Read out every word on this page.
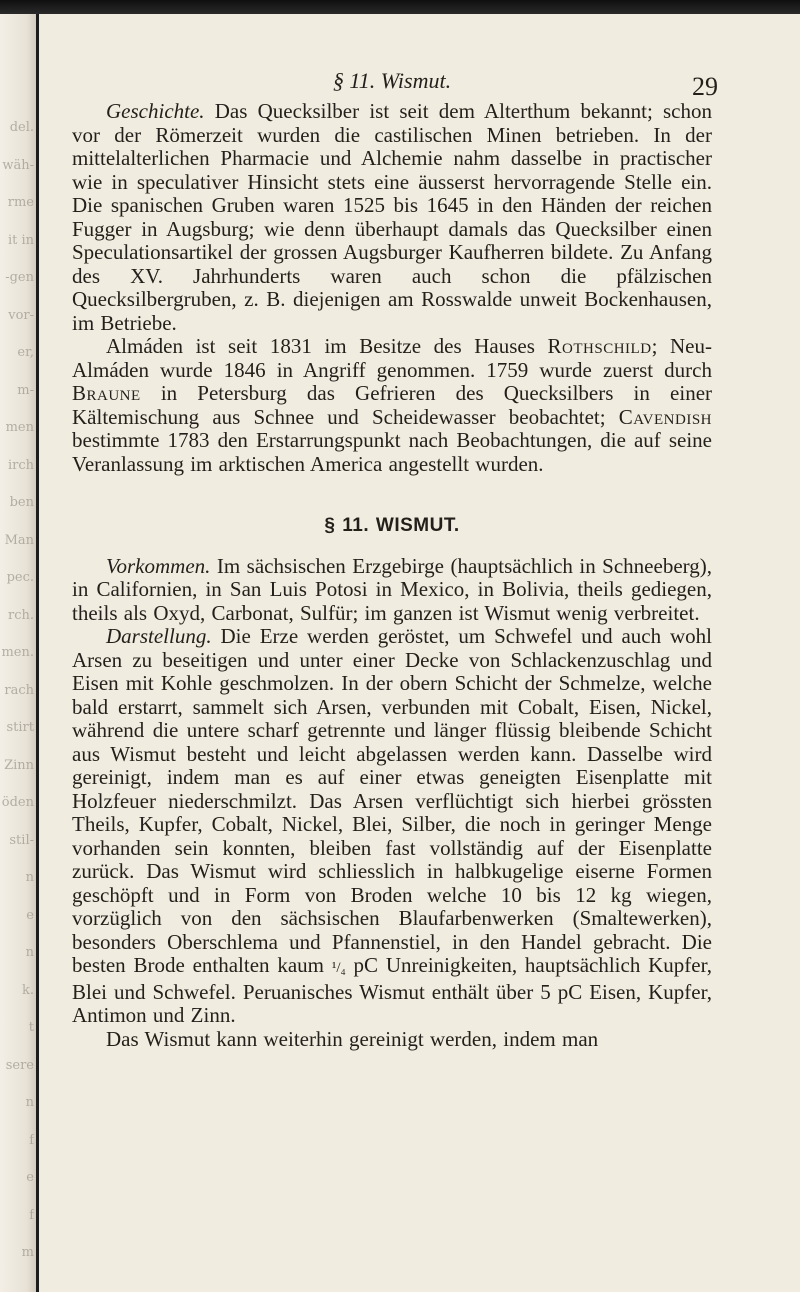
del.
wäh-
rme
it in
-gen
vor-
er,
m-
men
irch
ben
Man
pec.
rch.
men.
rach
stirt
Zinn
öden
stil-
n
e
n
k.
t
sere
n
f
e
f
m
§ 11. Wismut.	29

Geschichte. Das Quecksilber ist seit dem Alterthum bekannt; schon vor der Römerzeit wurden die castilischen Minen betrieben. In der mittelalterlichen Pharmacie und Alchemie nahm dasselbe in practischer wie in speculativer Hinsicht stets eine äusserst hervorragende Stelle ein. Die spanischen Gruben waren 1525 bis 1645 in den Händen der reichen Fugger in Augsburg; wie denn überhaupt damals das Quecksilber einen Speculationsartikel der grossen Augsburger Kaufherren bildete. Zu Anfang des XV. Jahrhunderts waren auch schon die pfälzischen Quecksilbergruben, z. B. diejenigen am Rosswalde unweit Bockenhausen, im Betriebe.

Almáden ist seit 1831 im Besitze des Hauses Rothschild; Neu-Almáden wurde 1846 in Angriff genommen. 1759 wurde zuerst durch Braune in Petersburg das Gefrieren des Quecksilbers in einer Kältemischung aus Schnee und Scheidewasser beobachtet; Cavendish bestimmte 1783 den Erstarrungspunkt nach Beobachtungen, die auf seine Veranlassung im arktischen America angestellt wurden.

§ 11. WISMUT.

Vorkommen. Im sächsischen Erzgebirge (hauptsächlich in Schneeberg), in Californien, in San Luis Potosi in Mexico, in Bolivia, theils gediegen, theils als Oxyd, Carbonat, Sulfür; im ganzen ist Wismut wenig verbreitet.

Darstellung. Die Erze werden geröstet, um Schwefel und auch wohl Arsen zu beseitigen und unter einer Decke von Schlackenzuschlag und Eisen mit Kohle geschmolzen. In der obern Schicht der Schmelze, welche bald erstarrt, sammelt sich Arsen, verbunden mit Cobalt, Eisen, Nickel, während die untere scharf getrennte und länger flüssig bleibende Schicht aus Wismut besteht und leicht abgelassen werden kann. Dasselbe wird gereinigt, indem man es auf einer etwas geneigten Eisenplatte mit Holzfeuer niederschmilzt. Das Arsen verflüchtigt sich hierbei grössten Theils, Kupfer, Cobalt, Nickel, Blei, Silber, die noch in geringer Menge vorhanden sein konnten, bleiben fast vollständig auf der Eisenplatte zurück. Das Wismut wird schliesslich in halbkugelige eiserne Formen geschöpft und in Form von Broden welche 10 bis 12 kg wiegen, vorzüglich von den sächsischen Blaufarbenwerken (Smaltewerken), besonders Oberschlema und Pfannenstiel, in den Handel gebracht. Die besten Brode enthalten kaum ¹/₄ pC Unreinigkeiten, hauptsächlich Kupfer, Blei und Schwefel. Peruanisches Wismut enthält über 5 pC Eisen, Kupfer, Antimon und Zinn.

Das Wismut kann weiterhin gereinigt werden, indem man
